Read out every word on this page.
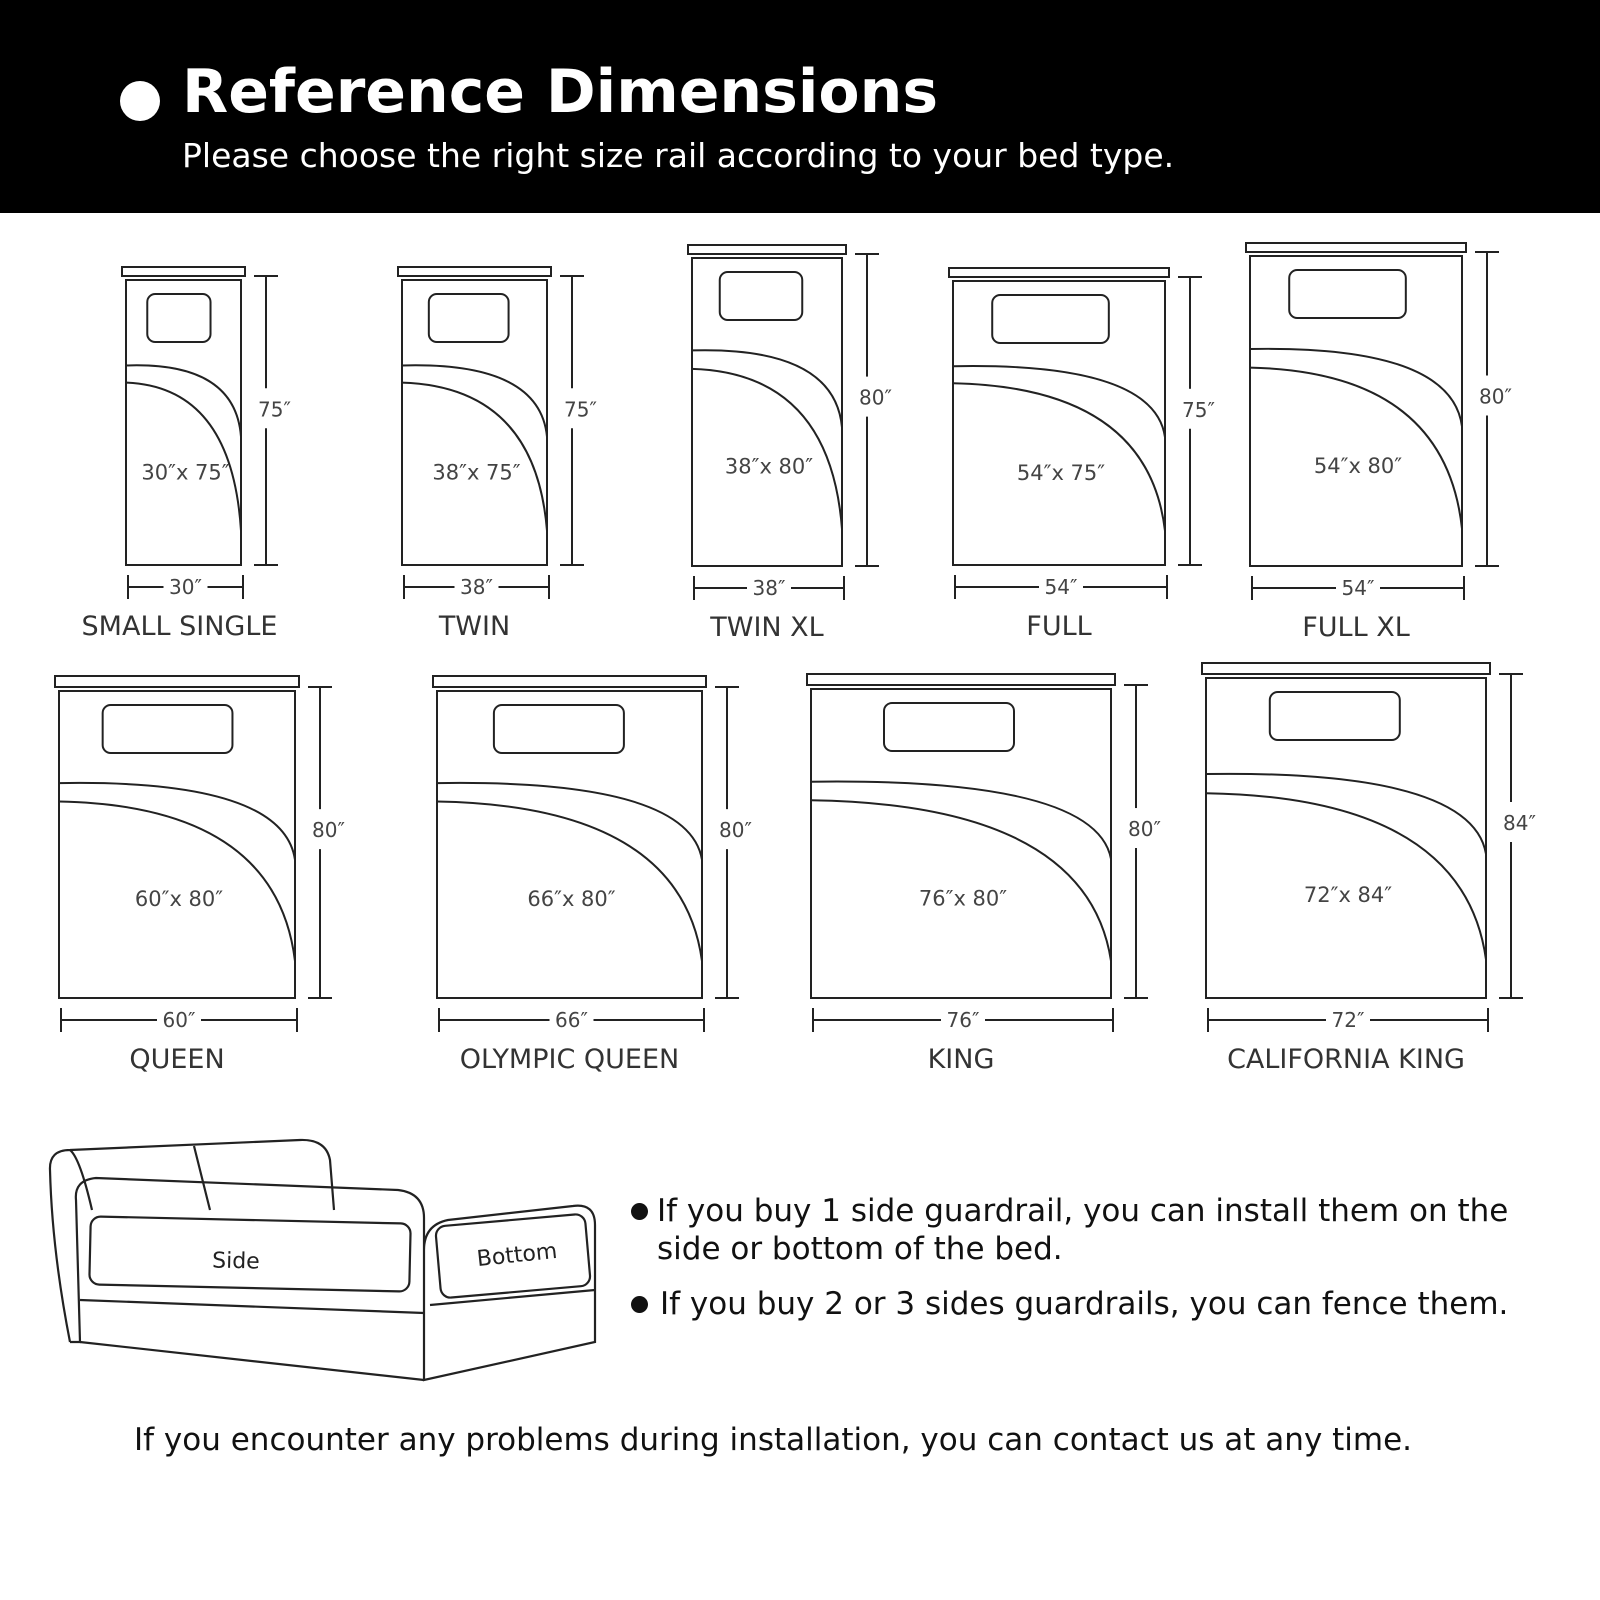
Reference Dimensions
Please choose the right size rail according to your bed type.
75″
30″
30″x 75″
SMALL SINGLE
75″
38″
38″x 75″
TWIN
80″
38″
38″x 80″
TWIN XL
75″
54″
54″x 75″
FULL
80″
54″
54″x 80″
FULL XL
80″
60″
60″x 80″
QUEEN
80″
66″
66″x 80″
OLYMPIC QUEEN
80″
76″
76″x 80″
KING
84″
72″
72″x 84″
CALIFORNIA KING
Side	Bottom
If you buy 1 side guardrail, you can install them on the
side or bottom of the bed.
If you buy 2 or 3 sides guardrails, you can fence them.
If you encounter any problems during installation, you can contact us at any time.
